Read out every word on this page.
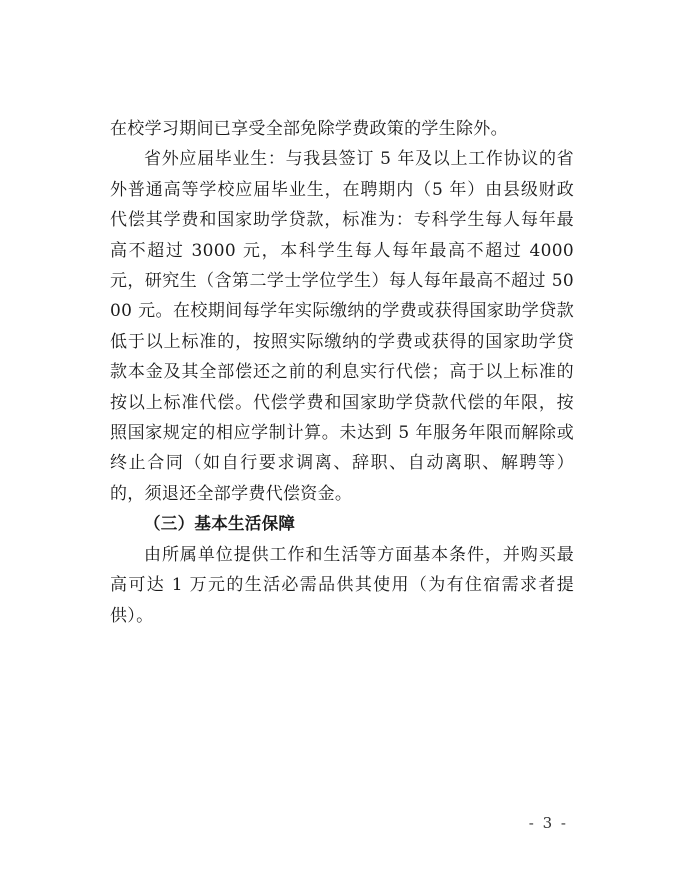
在校学习期间已享受全部免除学费政策的学生除外。

省外应届毕业生：与我县签订 5 年及以上工作协议的省外普通高等学校应届毕业生，在聘期内（5 年）由县级财政代偿其学费和国家助学贷款，标准为：专科学生每人每年最高不超过 3000 元，本科学生每人每年最高不超过 4000 元，研究生（含第二学士学位学生）每人每年最高不超过 5000 元。在校期间每学年实际缴纳的学费或获得国家助学贷款低于以上标准的，按照实际缴纳的学费或获得的国家助学贷款本金及其全部偿还之前的利息实行代偿；高于以上标准的按以上标准代偿。代偿学费和国家助学贷款代偿的年限，按照国家规定的相应学制计算。未达到 5 年服务年限而解除或终止合同（如自行要求调离、辞职、自动离职、解聘等）的，须退还全部学费代偿资金。

（三）基本生活保障

由所属单位提供工作和生活等方面基本条件，并购买最高可达 1 万元的生活必需品供其使用（为有住宿需求者提供）。

- 3 -
